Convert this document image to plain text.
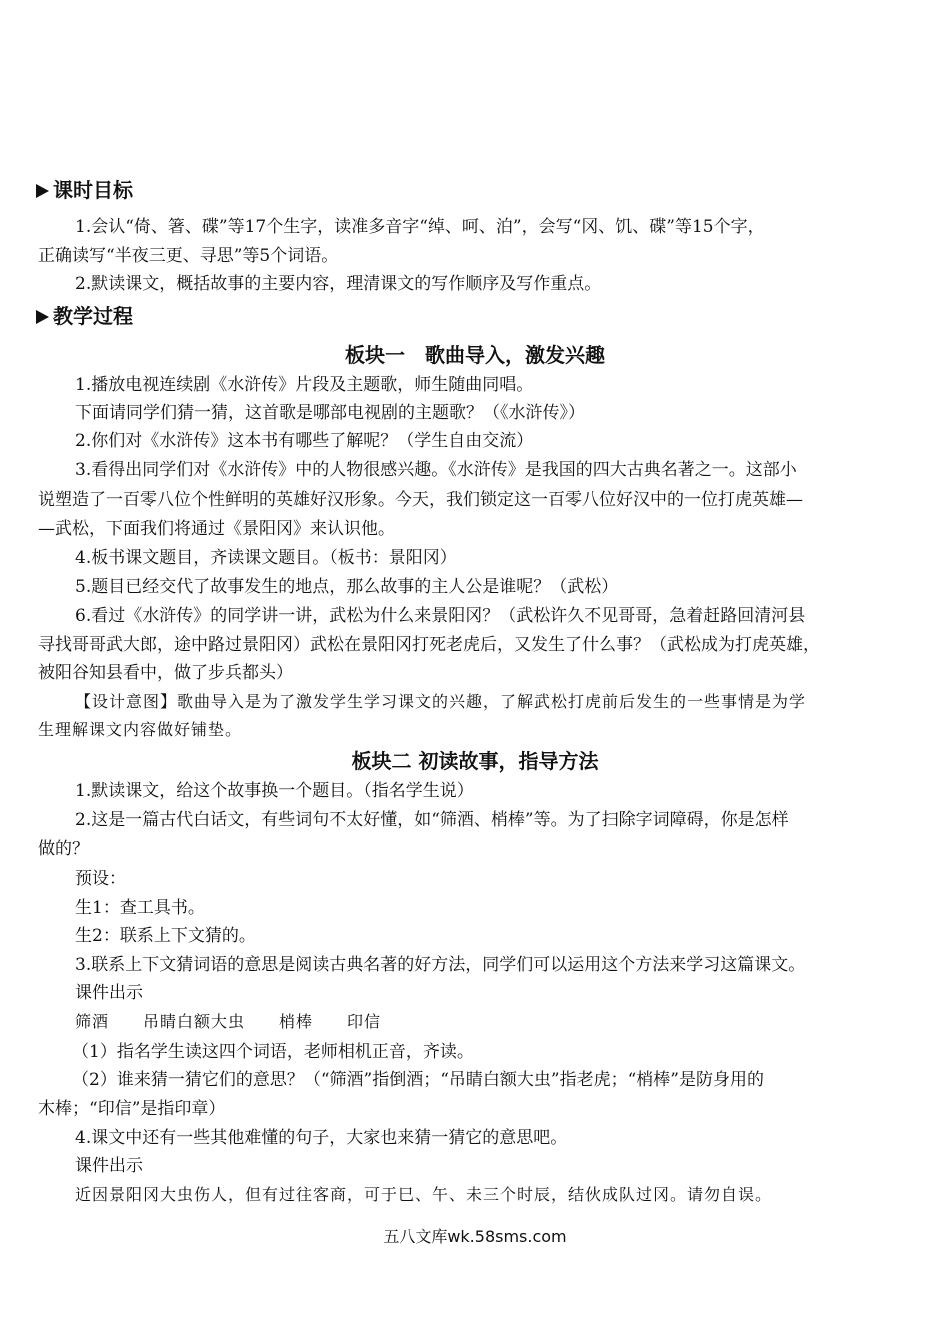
课时目标
1.会认“倚、箸、碟”等17个生字，读准多音字“绰、呵、泊”，会写“冈、饥、碟”等15个字，
正确读写“半夜三更、寻思”等5个词语。
2.默读课文，概括故事的主要内容，理清课文的写作顺序及写作重点。
教学过程
板块一　歌曲导入，激发兴趣
1.播放电视连续剧《水浒传》片段及主题歌，师生随曲同唱。
下面请同学们猜一猜，这首歌是哪部电视剧的主题歌？（《水浒传》）
2.你们对《水浒传》这本书有哪些了解呢？（学生自由交流）
3.看得出同学们对《水浒传》中的人物很感兴趣。《水浒传》是我国的四大古典名著之一。这部小
说塑造了一百零八位个性鲜明的英雄好汉形象。今天，我们锁定这一百零八位好汉中的一位打虎英雄—
—武松，下面我们将通过《景阳冈》来认识他。
4.板书课文题目，齐读课文题目。（板书：景阳冈）
5.题目已经交代了故事发生的地点，那么故事的主人公是谁呢？（武松）
6.看过《水浒传》的同学讲一讲，武松为什么来景阳冈？（武松许久不见哥哥，急着赶路回清河县
寻找哥哥武大郎，途中路过景阳冈）武松在景阳冈打死老虎后，又发生了什么事？（武松成为打虎英雄，
被阳谷知县看中，做了步兵都头）
【设计意图】歌曲导入是为了激发学生学习课文的兴趣，了解武松打虎前后发生的一些事情是为学
生理解课文内容做好铺垫。
板块二 初读故事，指导方法
1.默读课文，给这个故事换一个题目。（指名学生说）
2.这是一篇古代白话文，有些词句不太好懂，如“筛酒、梢棒”等。为了扫除字词障碍，你是怎样
做的？
预设：
生1：查工具书。
生2：联系上下文猜的。
3.联系上下文猜词语的意思是阅读古典名著的好方法，同学们可以运用这个方法来学习这篇课文。
课件出示
筛酒 吊睛白额大虫 梢棒 印信
（1）指名学生读这四个词语，老师相机正音，齐读。
（2）谁来猜一猜它们的意思？（“筛酒”指倒酒；“吊睛白额大虫”指老虎；“梢棒”是防身用的
木棒；“印信”是指印章）
4.课文中还有一些其他难懂的句子，大家也来猜一猜它的意思吧。
课件出示
近因景阳冈大虫伤人，但有过往客商，可于巳、午、未三个时辰，结伙成队过冈。请勿自误。
五八文库wk.58sms.com
